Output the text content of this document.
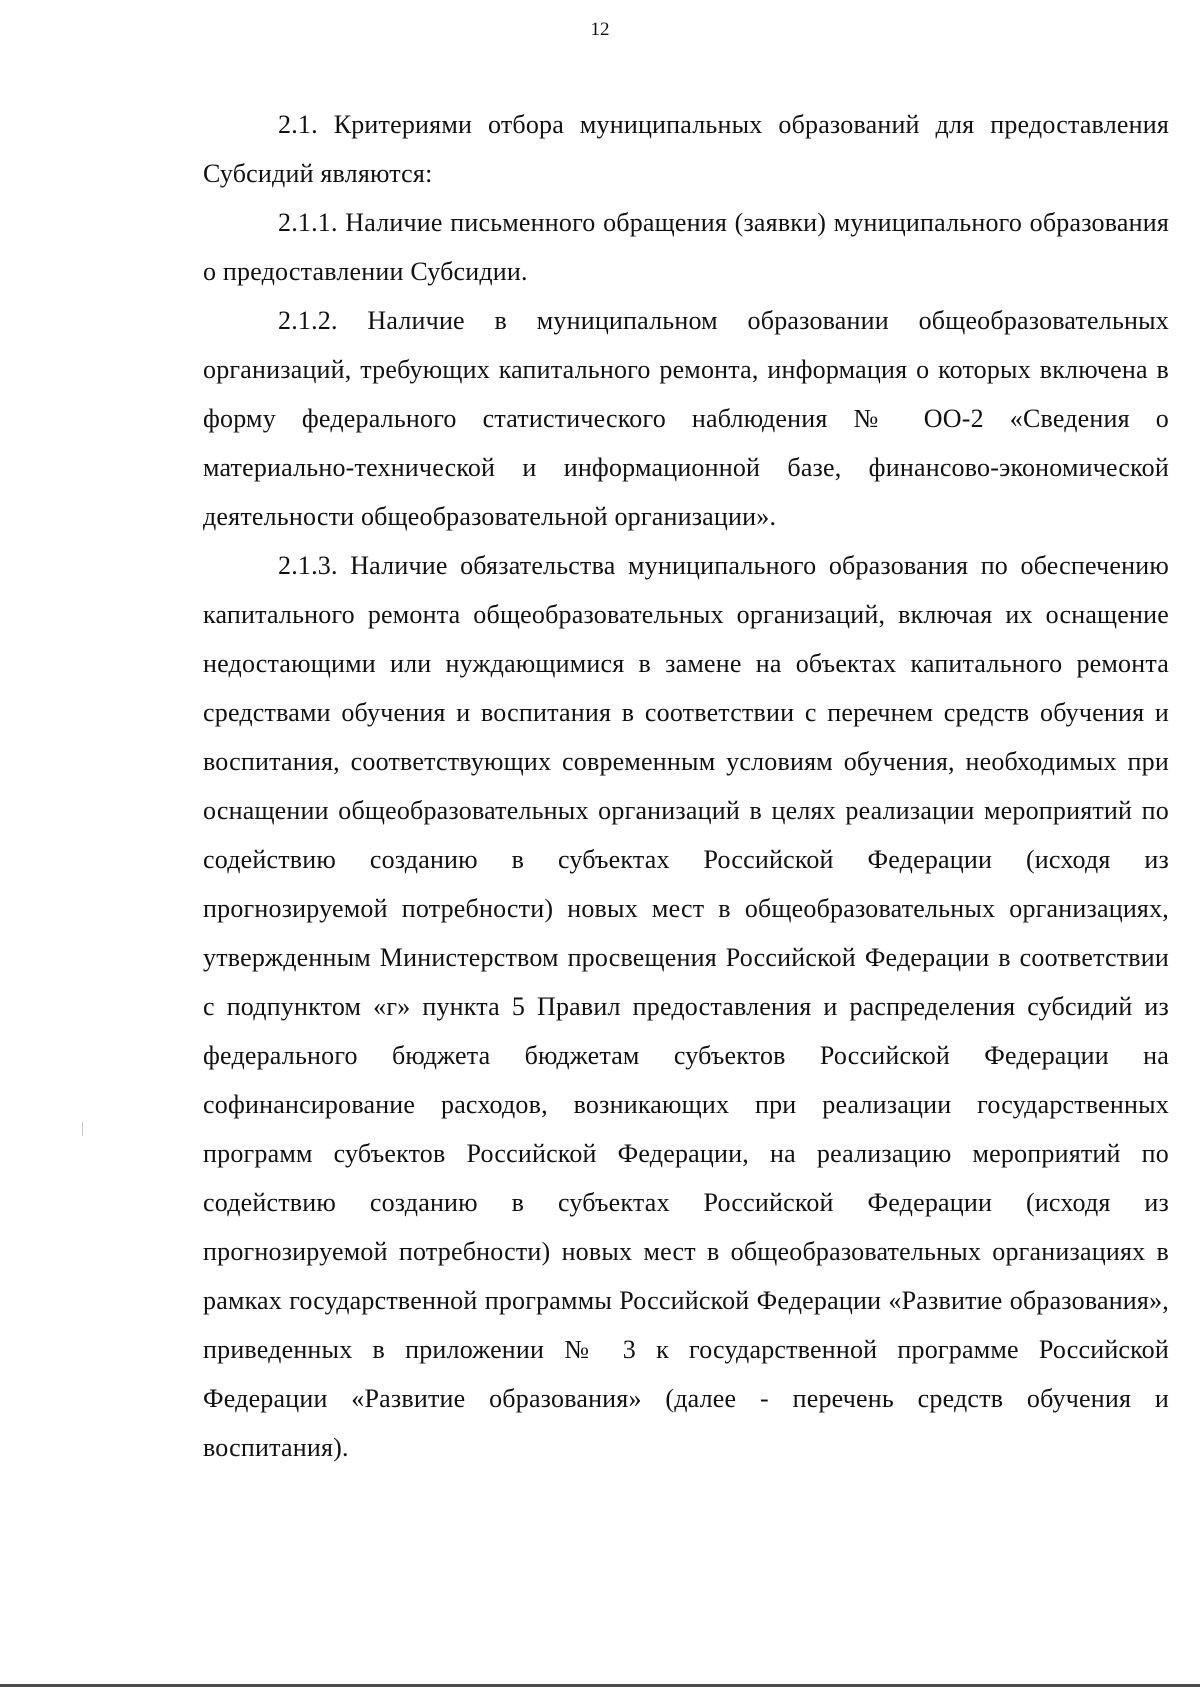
12

2.1. Критериями отбора муниципальных образований для предоставления Субсидий являются:

2.1.1. Наличие письменного обращения (заявки) муниципального образования о предоставлении Субсидии.

2.1.2. Наличие в муниципальном образовании общеобразовательных организаций, требующих капитального ремонта, информация о которых включена в форму федерального статистического наблюдения № ОО-2 «Сведения о материально-технической и информационной базе, финансово-экономической деятельности общеобразовательной организации».

2.1.3. Наличие обязательства муниципального образования по обеспечению капитального ремонта общеобразовательных организаций, включая их оснащение недостающими или нуждающимися в замене на объектах капитального ремонта средствами обучения и воспитания в соответствии с перечнем средств обучения и воспитания, соответствующих современным условиям обучения, необходимых при оснащении общеобразовательных организаций в целях реализации мероприятий по содействию созданию в субъектах Российской Федерации (исходя из прогнозируемой потребности) новых мест в общеобразовательных организациях, утвержденным Министерством просвещения Российской Федерации в соответствии с подпунктом «г» пункта 5 Правил предоставления и распределения субсидий из федерального бюджета бюджетам субъектов Российской Федерации на софинансирование расходов, возникающих при реализации государственных программ субъектов Российской Федерации, на реализацию мероприятий по содействию созданию в субъектах Российской Федерации (исходя из прогнозируемой потребности) новых мест в общеобразовательных организациях в рамках государственной программы Российской Федерации «Развитие образования», приведенных в приложении № 3 к государственной программе Российской Федерации «Развитие образования» (далее - перечень средств обучения и воспитания).
